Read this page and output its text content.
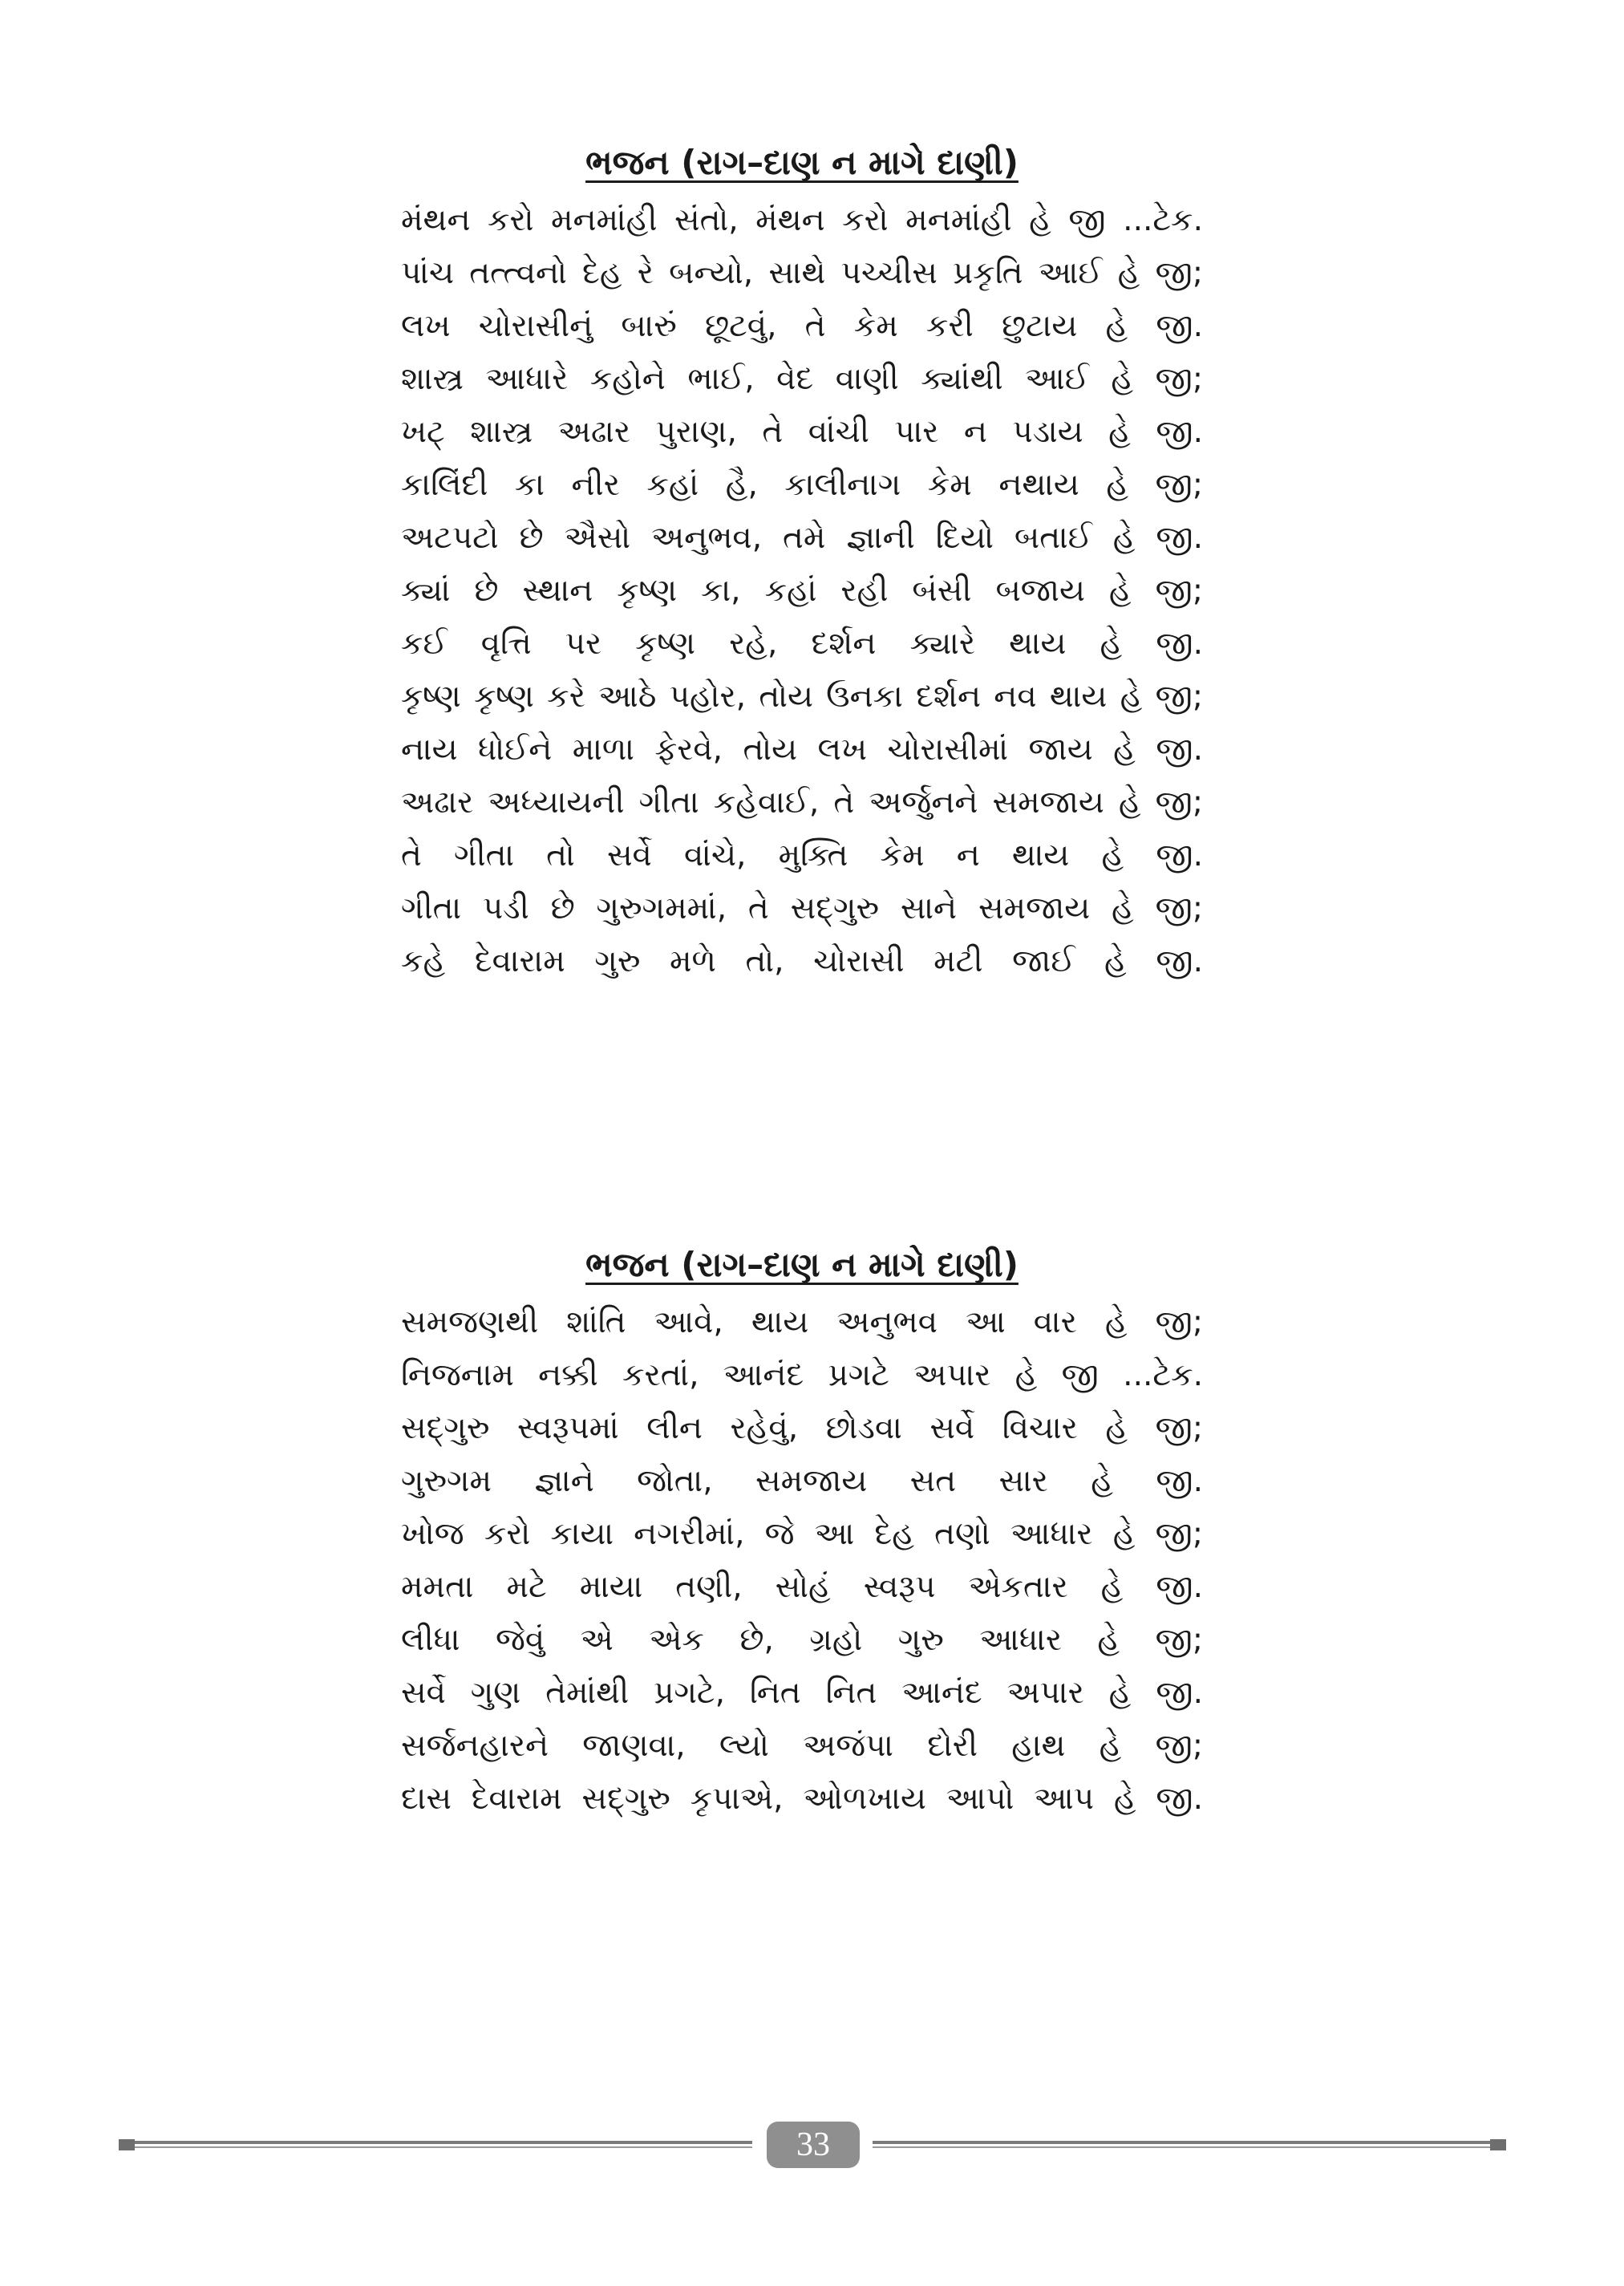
ભજન (રાગ–દાણ ન માગે દાણી)
મંથન કરો મનમાંહી સંતો, મંથન કરો મનમાંહી હે જી ...ટેક.
પાંચ તત્ત્વનો દેહ રે બન્યો, સાથે પચ્ચીસ પ્રકૃતિ આઈ હે જી;
લખ ચોરાસીનું બારું છૂટવું, તે કેમ કરી છુટાય હે જી.
શાસ્ત્ર આધારે કહોને ભાઈ, વેદ વાણી ક્યાંથી આઈ હે જી;
ખટ્ શાસ્ત્ર અઢાર પુરાણ, તે વાંચી પાર ન પડાય હે જી.
કાલિંદી કા નીર કહાં હૈ, કાલીનાગ કેમ નથાય હે જી;
અટપટો છે ઐસો અનુભવ, તમે જ્ઞાની દિયો બતાઈ હે જી.
ક્યાં છે સ્થાન કૃષ્ણ કા, કહાં રહી બંસી બજાય હે જી;
કઈ વૃત્તિ પર કૃષ્ણ રહે, દર્શન ક્યારે થાય હે જી.
કૃષ્ણ કૃષ્ણ કરે આઠે પહોર, તોય ઉનકા દર્શન નવ થાય હે જી;
નાય ધોઈને માળા ફેરવે, તોય લખ ચોરાસીમાં જાય હે જી.
અઢાર અધ્યાયની ગીતા કહેવાઈ, તે અર્જુનને સમજાય હે જી;
તે ગીતા તો સર્વે વાંચે, મુક્તિ કેમ ન થાય હે જી.
ગીતા પડી છે ગુરુગમમાં, તે સદ્‌ગુરુ સાને સમજાય હે જી;
કહે દેવારામ ગુરુ મળે તો, ચોરાસી મટી જાઈ હે જી.
ભજન (રાગ–દાણ ન માગે દાણી)
સમજણથી શાંતિ આવે, થાય અનુભવ આ વાર હે જી;
નિજનામ નક્કી કરતાં, આનંદ પ્રગટે અપાર હે જી ...ટેક.
સદ્‌ગુરુ સ્વરૂપમાં લીન રહેવું, છોડવા સર્વે વિચાર હે જી;
ગુરુગમ જ્ઞાને જોતા, સમજાય સત સાર હે જી.
ખોજ કરો કાયા નગરીમાં, જે આ દેહ તણો આધાર હે જી;
મમતા મટે માયા તણી, સોહં સ્વરૂપ એકતાર હે જી.
લીધા જેવું એ એક છે, ગ્રહો ગુરુ આધાર હે જી;
સર્વે ગુણ તેમાંથી પ્રગટે, નિત નિત આનંદ અપાર હે જી.
સર્જનહારને જાણવા, લ્યો અજંપા દોરી હાથ હે જી;
દાસ દેવારામ સદ્‌ગુરુ કૃપાએ, ઓળખાય આપો આપ હે જી.
33
